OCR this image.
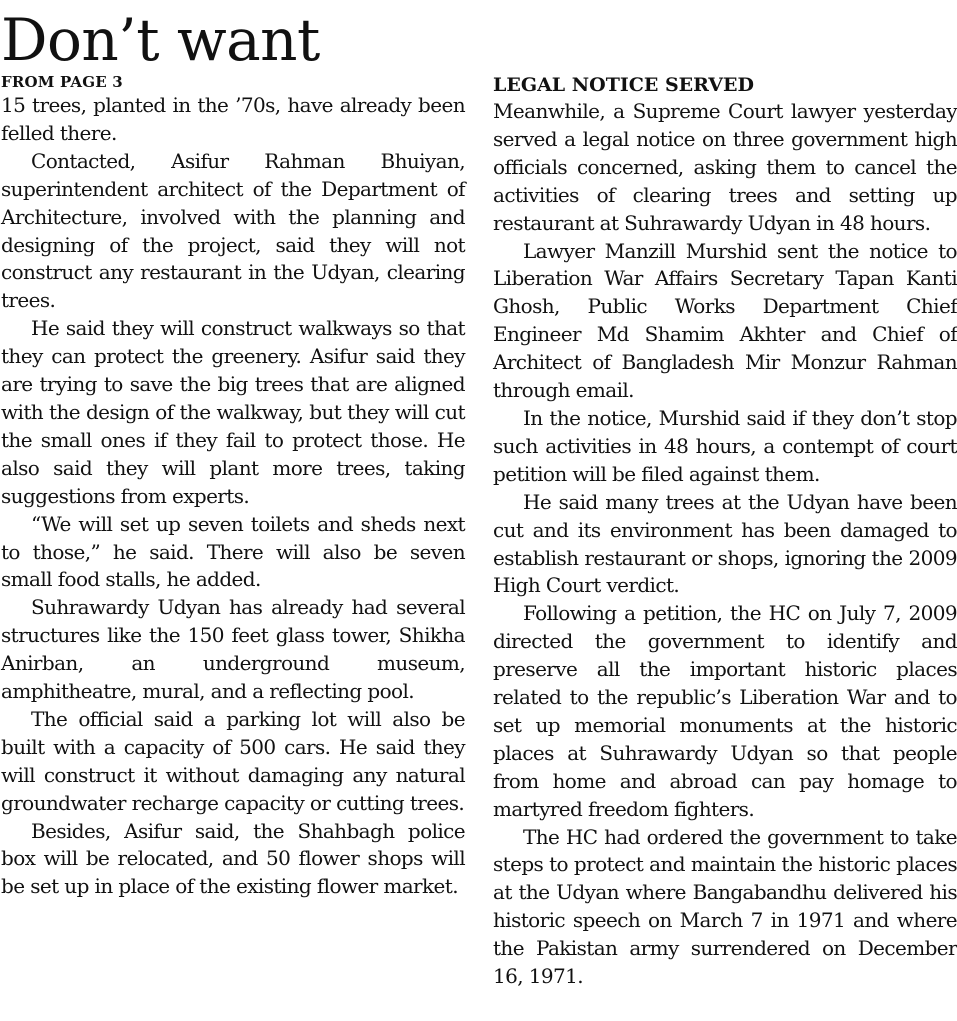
Don’t want

FROM PAGE 3

15 trees, planted in the ’70s, have already been felled there.

Contacted, Asifur Rahman Bhuiyan, superintendent architect of the Department of Architecture, involved with the planning and designing of the project, said they will not construct any restaurant in the Udyan, clearing trees.

He said they will construct walkways so that they can protect the greenery. Asifur said they are trying to save the big trees that are aligned with the design of the walkway, but they will cut the small ones if they fail to protect those. He also said they will plant more trees, taking suggestions from experts.

“We will set up seven toilets and sheds next to those,” he said. There will also be seven small food stalls, he added.

Suhrawardy Udyan has already had several structures like the 150 feet glass tower, Shikha Anirban, an underground museum, amphitheatre, mural, and a reflecting pool.

The official said a parking lot will also be built with a capacity of 500 cars. He said they will construct it without damaging any natural groundwater recharge capacity or cutting trees.

Besides, Asifur said, the Shahbagh police box will be relocated, and 50 flower shops will be set up in place of the existing flower market.

LEGAL NOTICE SERVED

Meanwhile, a Supreme Court lawyer yesterday served a legal notice on three government high officials concerned, asking them to cancel the activities of clearing trees and setting up restaurant at Suhrawardy Udyan in 48 hours.

Lawyer Manzill Murshid sent the notice to Liberation War Affairs Secretary Tapan Kanti Ghosh, Public Works Department Chief Engineer Md Shamim Akhter and Chief of Architect of Bangladesh Mir Monzur Rahman through email.

In the notice, Murshid said if they don’t stop such activities in 48 hours, a contempt of court petition will be filed against them.

He said many trees at the Udyan have been cut and its environment has been damaged to establish restaurant or shops, ignoring the 2009 High Court verdict.

Following a petition, the HC on July 7, 2009 directed the government to identify and preserve all the important historic places related to the republic’s Liberation War and to set up memorial monuments at the historic places at Suhrawardy Udyan so that people from home and abroad can pay homage to martyred freedom fighters.

The HC had ordered the government to take steps to protect and maintain the historic places at the Udyan where Bangabandhu delivered his historic speech on March 7 in 1971 and where the Pakistan army surrendered on December 16, 1971.
